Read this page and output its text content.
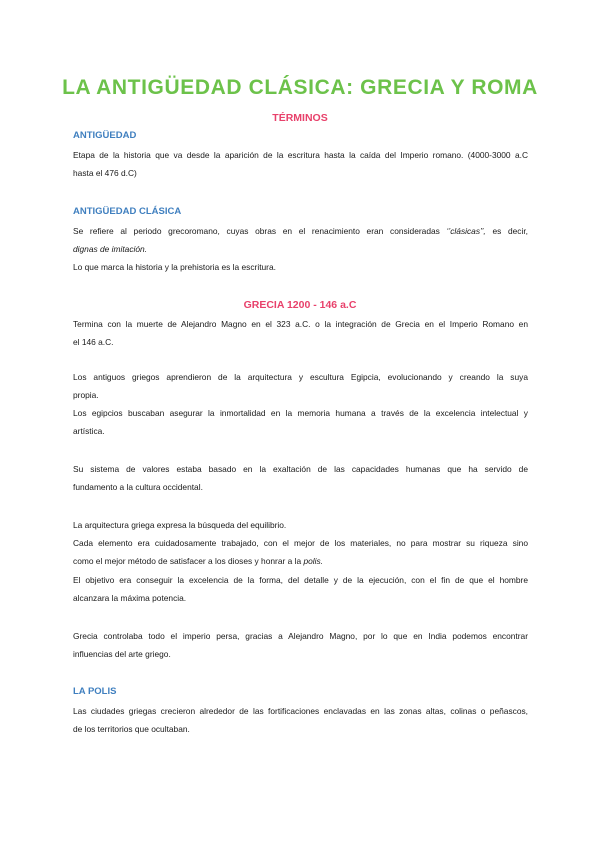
LA ANTIGÜEDAD CLÁSICA: GRECIA Y ROMA
TÉRMINOS
ANTIGÜEDAD
Etapa de la historia que va desde la aparición de la escritura hasta la caída del Imperio romano. (4000-3000 a.C
hasta el 476 d.C)
ANTIGÜEDAD CLÁSICA
Se refiere al periodo grecoromano, cuyas obras en el renacimiento eran consideradas ‘’clásicas’’, es decir,
dignas de imitación.
Lo que marca la historia y la prehistoria es la escritura.
GRECIA 1200 - 146 a.C
Termina con la muerte de Alejandro Magno en el 323 a.C. o la integración de Grecia en el Imperio Romano en
el 146 a.C.
Los antiguos griegos aprendieron de la arquitectura y escultura Egipcia, evolucionando y creando la suya
propia.
Los egipcios buscaban asegurar la inmortalidad en la memoria humana a través de la excelencia intelectual y
artística.
Su sistema de valores estaba basado en la exaltación de las capacidades humanas que ha servido de
fundamento a la cultura occidental.
La arquitectura griega expresa la búsqueda del equilibrio.
Cada elemento era cuidadosamente trabajado, con el mejor de los materiales, no para mostrar su riqueza sino
como el mejor método de satisfacer a los dioses y honrar a la polis.
El objetivo era conseguir la excelencia de la forma, del detalle y de la ejecución, con el fin de que el hombre
alcanzara la máxima potencia.
Grecia controlaba todo el imperio persa, gracias a Alejandro Magno, por lo que en India podemos encontrar
influencias del arte griego.
LA POLIS
Las ciudades griegas crecieron alrededor de las fortificaciones enclavadas en las zonas altas, colinas o peñascos,
de los territorios que ocultaban.
